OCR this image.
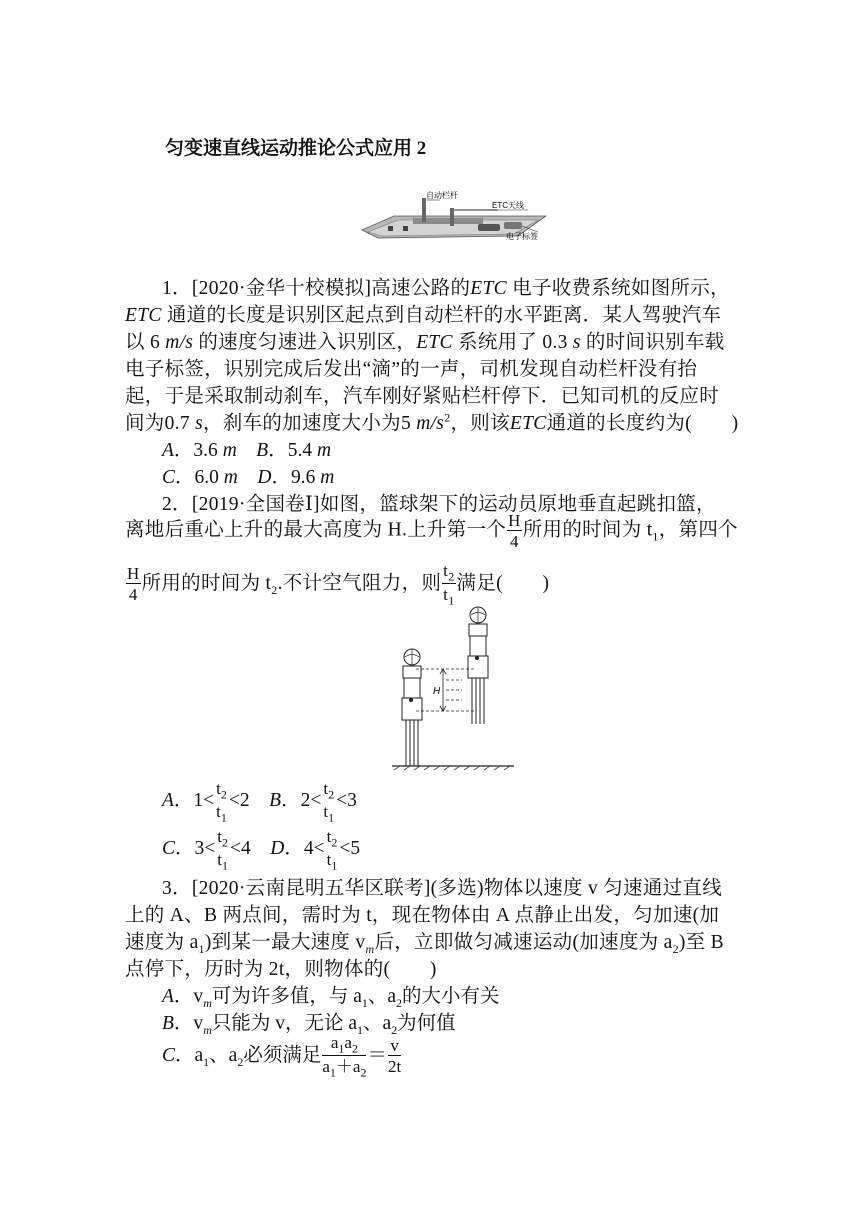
匀变速直线运动推论公式应用 2
自动栏杆
ETC天线
电子标签
1．[2020·金华十校模拟]高速公路的ETC 电子收费系统如图所示，
ETC 通道的长度是识别区起点到自动栏杆的水平距离．某人驾驶汽车
以 6 m/s 的速度匀速进入识别区，ETC 系统用了 0.3 s 的时间识别车载
电子标签，识别完成后发出“滴”的一声，司机发现自动栏杆没有抬
起，于是采取制动刹车，汽车刚好紧贴栏杆停下．已知司机的反应时
间为0.7 s，刹车的加速度大小为5 $m/s^2$，则该ETC通道的长度约为(　　)
A．3.6 m　 B．5.4 m
C．6.0 m　 D．9.6 m
2．[2019·全国卷Ⅰ]如图，篮球架下的运动员原地垂直起跳扣篮，
离地后重心上升的最大高度为 H.上升第一个 $\frac{H}{4}$ 所用的时间为 $t_1$，第四个
$\frac{H}{4}$ 所用的时间为 $t_2$.不计空气阻力，则 $\frac{t_2}{t_1}$ 满足(　　)
H
A．1<
$t_2$
$t_1$
<2　 B．2<
$t_2$
$t_1$
<3
C．3<
$t_2$
$t_1$
<4　 D．4<
$t_2$
$t_1$
<5
3．[2020·云南昆明五华区联考](多选)物体以速度 v 匀速通过直线
上的 A、B 两点间，需时为 t，现在物体由 A 点静止出发，匀加速(加
速度为 $a_1$)到某一最大速度 $v_m$后，立即做匀减速运动(加速度为 $a_2$)至 B
点停下，历时为 2t，则物体的(　　)
A．$v_m$可为许多值，与 $a_1$、$a_2$的大小有关
B．$v_m$只能为 v，无论 $a_1$、$a_2$为何值
C．$a_1$、$a_2$必须满足 $\frac{a_1a_2}{a_1+a_2} = \frac{v}{2t}$
